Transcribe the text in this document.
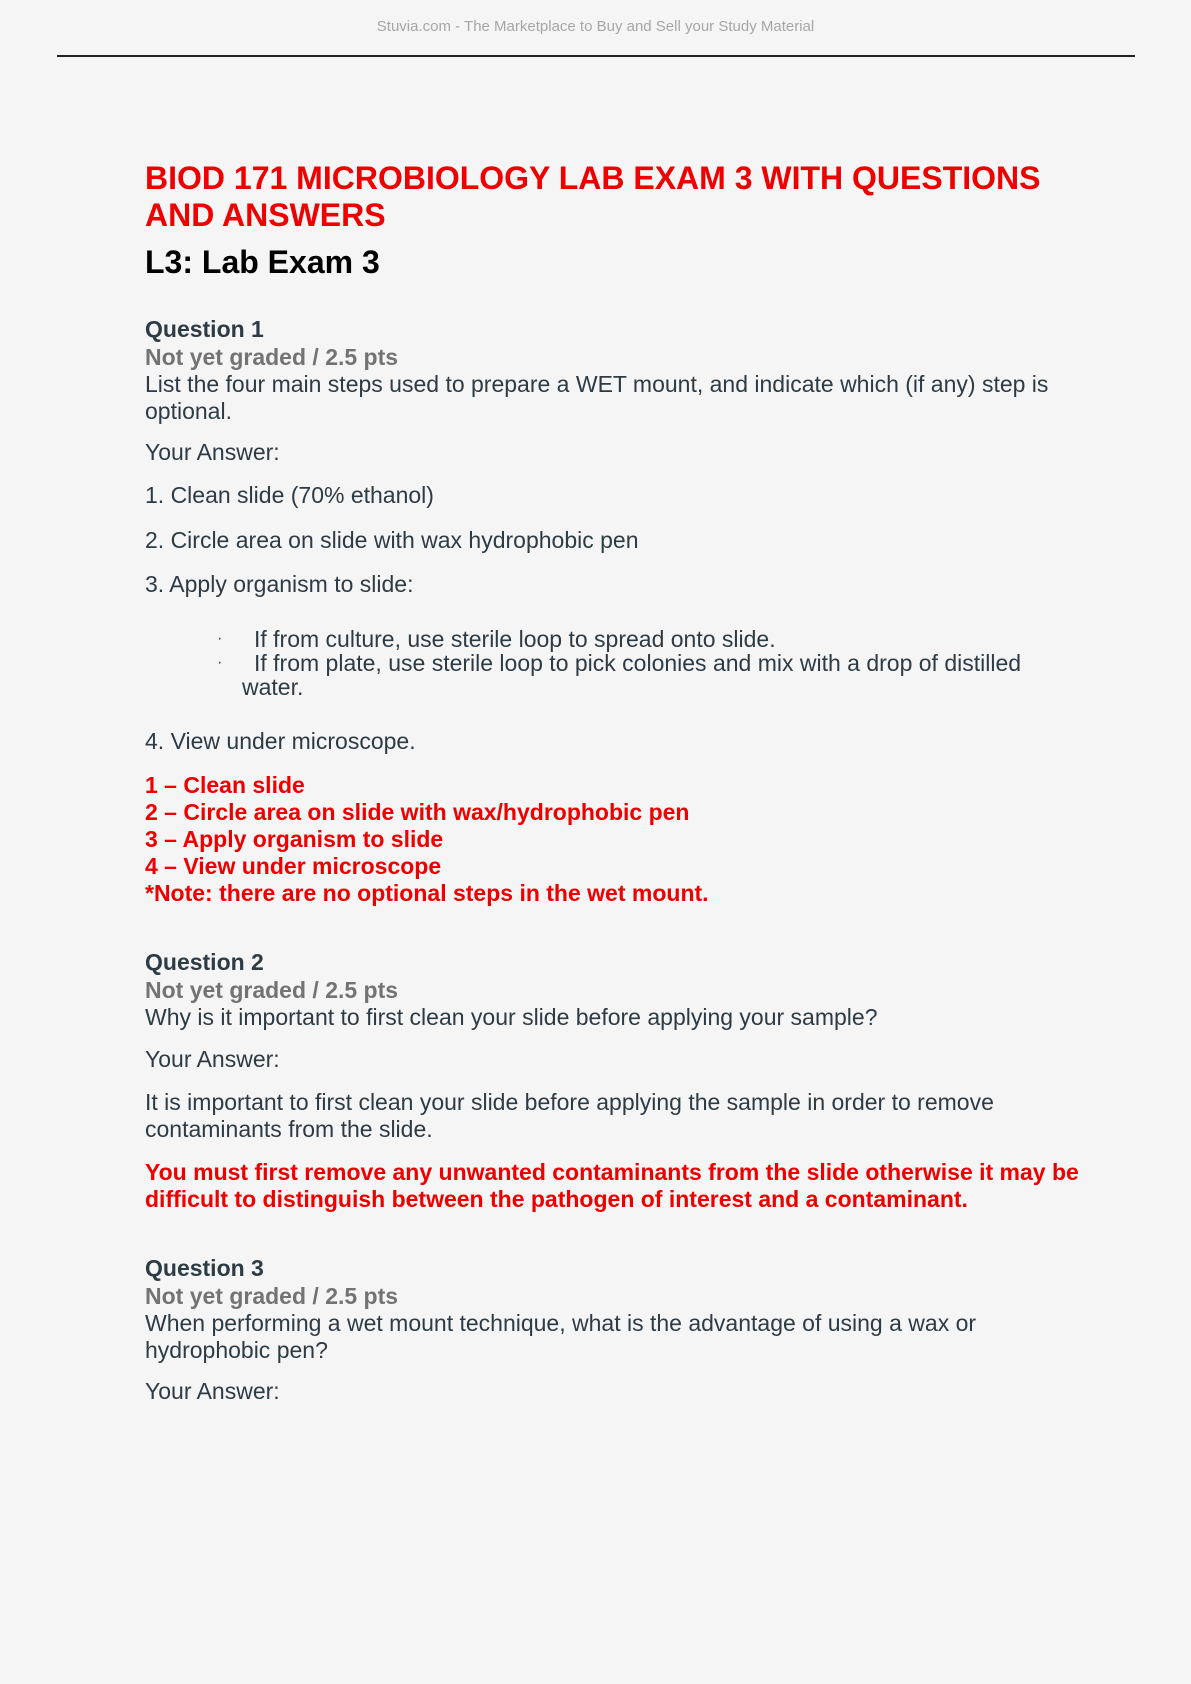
Stuvia.com - The Marketplace to Buy and Sell your Study Material
BIOD 171 MICROBIOLOGY LAB EXAM 3 WITH QUESTIONS
AND ANSWERS
L3: Lab Exam 3
Question 1
Not yet graded / 2.5 pts
List the four main steps used to prepare a WET mount, and indicate which (if any) step is optional.
Your Answer:
1. Clean slide (70% ethanol)
2. Circle area on slide with wax hydrophobic pen
3. Apply organism to slide:
· If from culture, use sterile loop to spread onto slide.
· If from plate, use sterile loop to pick colonies and mix with a drop of distilled
water.
4. View under microscope.
1 – Clean slide
2 – Circle area on slide with wax/hydrophobic pen
3 – Apply organism to slide
4 – View under microscope
*Note: there are no optional steps in the wet mount.
Question 2
Not yet graded / 2.5 pts
Why is it important to first clean your slide before applying your sample?
Your Answer:
It is important to first clean your slide before applying the sample in order to remove contaminants from the slide.
You must first remove any unwanted contaminants from the slide otherwise it may be difficult to distinguish between the pathogen of interest and a contaminant.
Question 3
Not yet graded / 2.5 pts
When performing a wet mount technique, what is the advantage of using a wax or hydrophobic pen?
Your Answer:
